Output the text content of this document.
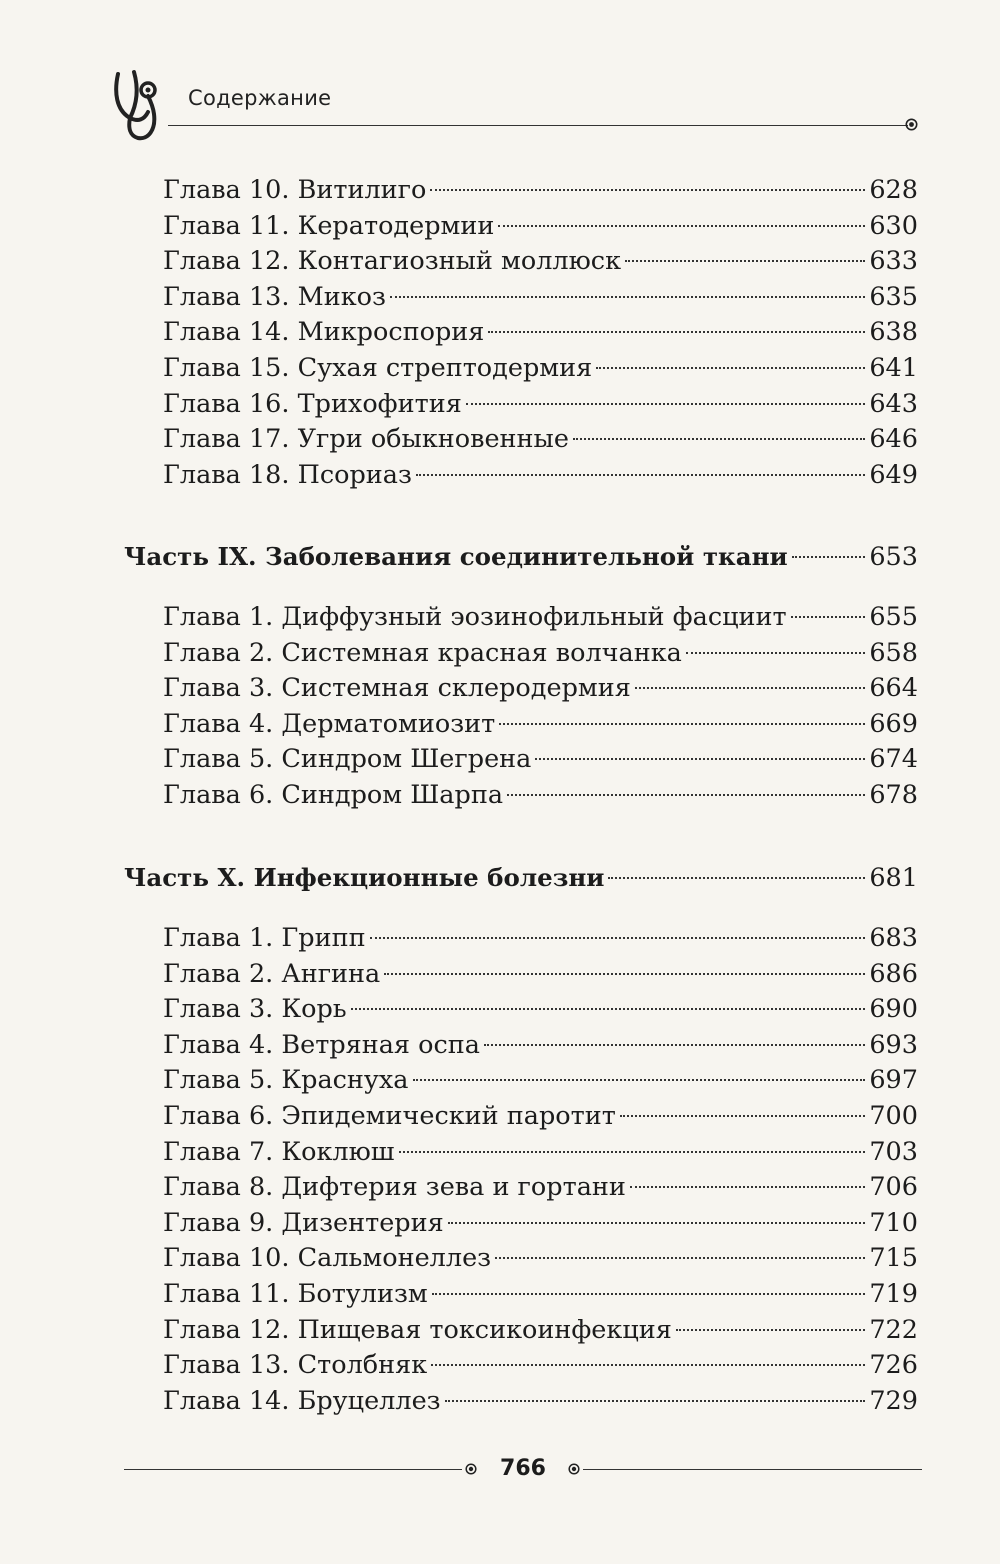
Содержание
Глава 10. Витилиго	628
Глава 11. Кератодермии	630
Глава 12. Контагиозный моллюск	633
Глава 13. Микоз	635
Глава 14. Микроспория	638
Глава 15. Сухая стрептодермия	641
Глава 16. Трихофития	643
Глава 17. Угри обыкновенные	646
Глава 18. Псориаз	649
Часть IX. Заболевания соединительной ткани	653
Глава 1. Диффузный эозинофильный фасциит	655
Глава 2. Системная красная волчанка	658
Глава 3. Системная склеродермия	664
Глава 4. Дерматомиозит	669
Глава 5. Синдром Шегрена	674
Глава 6. Синдром Шарпа	678
Часть X. Инфекционные болезни	681
Глава 1. Грипп	683
Глава 2. Ангина	686
Глава 3. Корь	690
Глава 4. Ветряная оспа	693
Глава 5. Краснуха	697
Глава 6. Эпидемический паротит	700
Глава 7. Коклюш	703
Глава 8. Дифтерия зева и гортани	706
Глава 9. Дизентерия	710
Глава 10. Сальмонеллез	715
Глава 11. Ботулизм	719
Глава 12. Пищевая токсикоинфекция	722
Глава 13. Столбняк	726
Глава 14. Бруцеллез	729
766
